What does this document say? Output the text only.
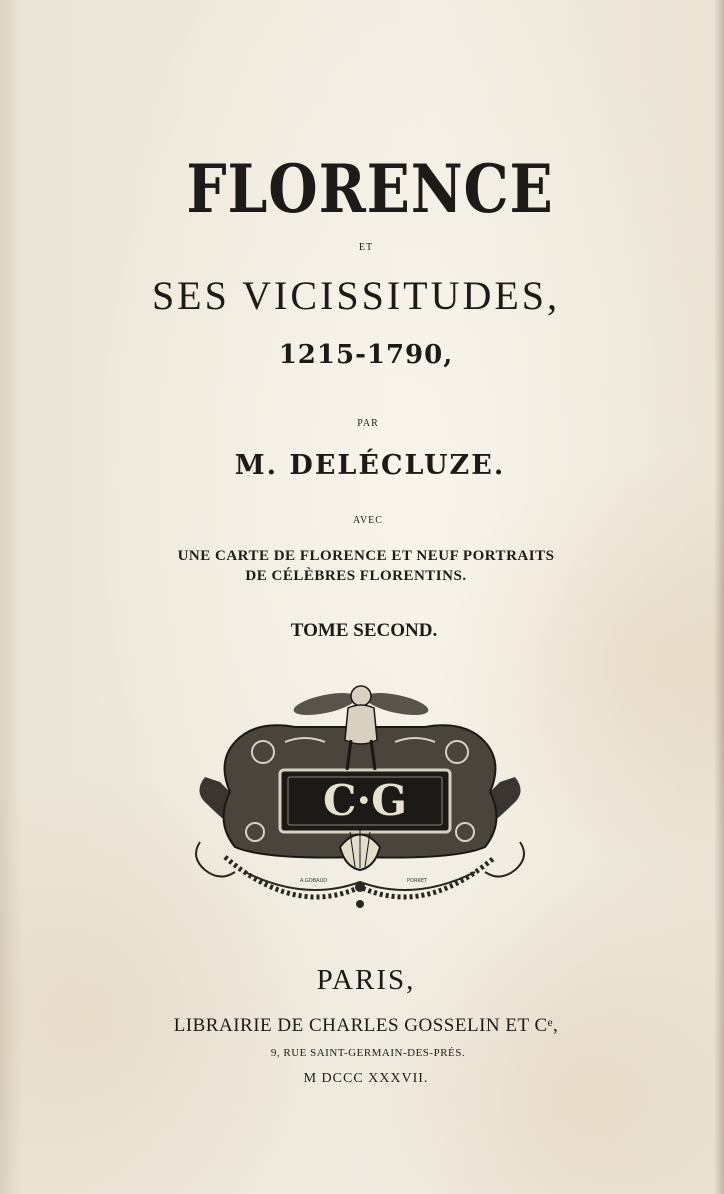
FLORENCE
ET
SES VICISSITUDES,
1215-1790,
PAR
M. DELÉCLUZE.
AVEC
UNE CARTE DE FLORENCE ET NEUF PORTRAITS
DE CÉLÈBRES FLORENTINS.
TOME SECOND.
C·G
A.GOBAUD	PORRET
PARIS,
LIBRAIRIE DE CHARLES GOSSELIN ET Cᵉ,
9, RUE SAINT-GERMAIN-DES-PRÉS.
M DCCC XXXVII.
